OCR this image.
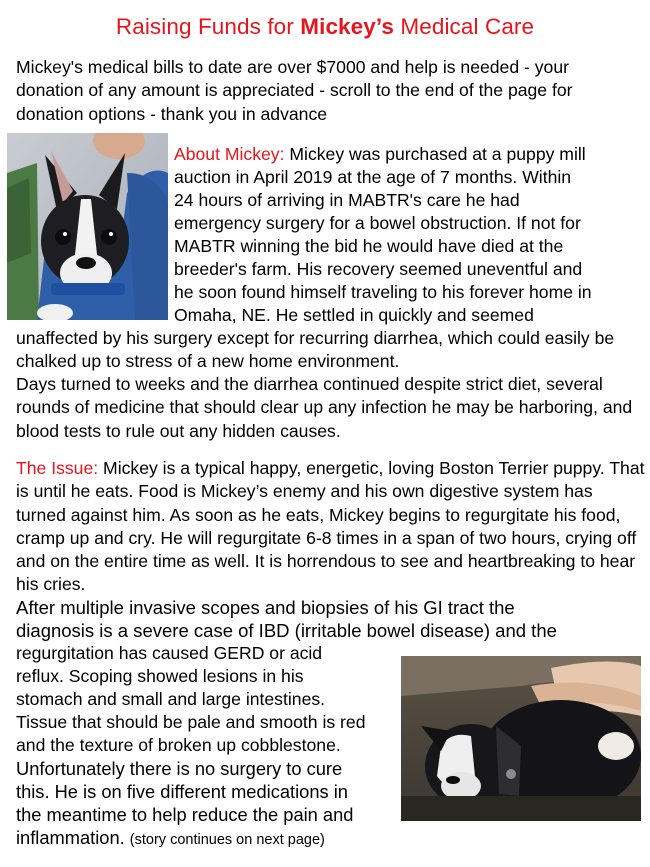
Raising Funds for Mickey’s Medical Care
Mickey's medical bills to date are over $7000 and help is needed - your donation of any amount is appreciated - scroll to the end of the page for donation options - thank you in advance
About Mickey: Mickey was purchased at a puppy mill
auction in April 2019 at the age of 7 months. Within
24 hours of arriving in MABTR's care he had
emergency surgery for a bowel obstruction. If not for
MABTR winning the bid he would have died at the
breeder's farm. His recovery seemed uneventful and
he soon found himself traveling to his forever home in
Omaha, NE. He settled in quickly and seemed
unaffected by his surgery except for recurring diarrhea, which could easily be chalked up to stress of a new home environment.
Days turned to weeks and the diarrhea continued despite strict diet, several rounds of medicine that should clear up any infection he may be harboring, and blood tests to rule out any hidden causes.
The Issue: Mickey is a typical happy, energetic, loving Boston Terrier puppy. That is until he eats. Food is Mickey’s enemy and his own digestive system has turned against him. As soon as he eats, Mickey begins to regurgitate his food, cramp up and cry. He will regurgitate 6-8 times in a span of two hours, crying off and on the entire time as well. It is horrendous to see and heartbreaking to hear his cries.
After multiple invasive scopes and biopsies of his GI tract the
diagnosis is a severe case of IBD (irritable bowel disease) and the
regurgitation has caused GERD or acid
reflux. Scoping showed lesions in his
stomach and small and large intestines.
Tissue that should be pale and smooth is red
and the texture of broken up cobblestone.
Unfortunately there is no surgery to cure
this. He is on five different medications in
the meantime to help reduce the pain and
inflammation. (story continues on next page)
